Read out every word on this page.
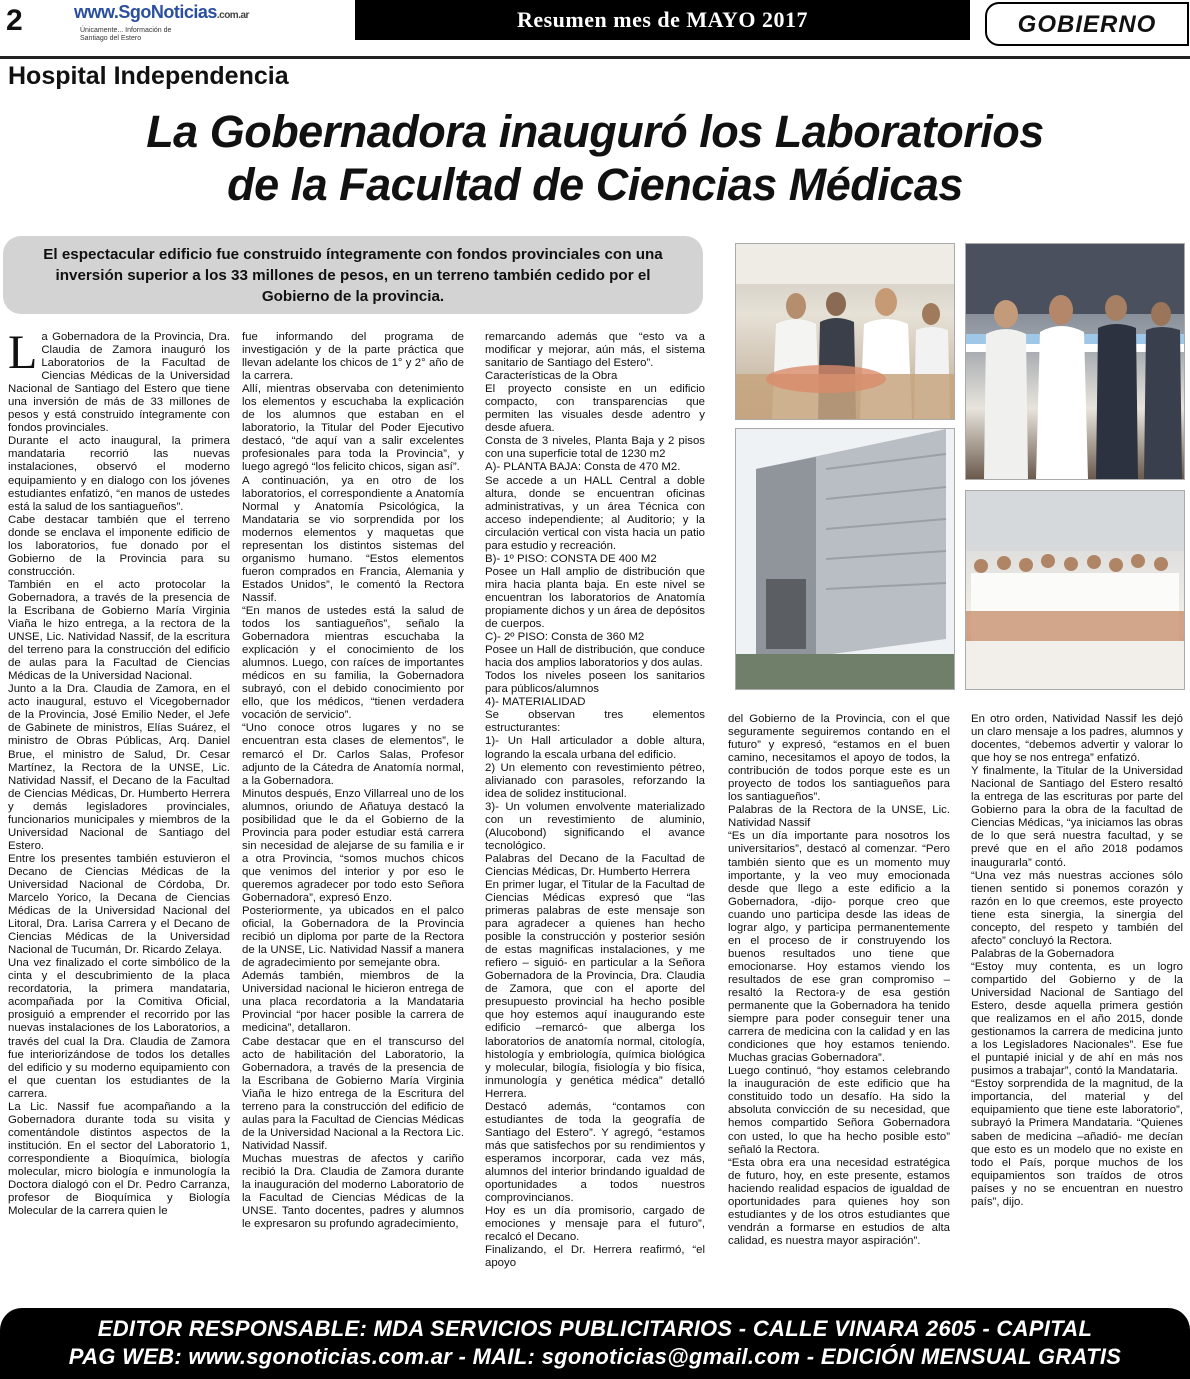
2	www.SgoNoticias.com.ar
Únicamente... Información de Santiago del Estero
Resumen mes de MAYO 2017	GOBIERNO
Hospital Independencia
La Gobernadora inauguró los Laboratorios
de la Facultad de Ciencias Médicas
El espectacular edificio fue construido íntegramente con fondos provinciales con una inversión superior a los 33 millones de pesos, en un terreno también cedido por el Gobierno de la provincia.
L a Gobernadora de la Provincia, Dra. Claudia de Zamora inauguró los Laboratorios de la Facultad de Ciencias Médicas de la Universidad Nacional de Santiago del Estero que tiene una inversión de más de 33 millones de pesos y está construido íntegramente con fondos provinciales.

Durante el acto inaugural, la primera mandataria recorrió las nuevas instalaciones, observó el moderno equipamiento y en dialogo con los jóvenes estudiantes enfatizó, “en manos de ustedes está la salud de los santiagueños”.

Cabe destacar también que el terreno donde se enclava el imponente edificio de los laboratorios, fue donado por el Gobierno de la Provincia para su construcción.

También en el acto protocolar la Gobernadora, a través de la presencia de la Escribana de Gobierno María Virginia Viaña le hizo entrega, a la rectora de la UNSE, Lic. Natividad Nassif, de la escritura del terreno para la construcción del edificio de aulas para la Facultad de Ciencias Médicas de la Universidad Nacional.

Junto a la Dra. Claudia de Zamora, en el acto inaugural, estuvo el Vicegobernador de la Provincia, José Emilio Neder, el Jefe de Gabinete de ministros, Elías Suárez, el ministro de Obras Públicas, Arq. Daniel Brue, el ministro de Salud, Dr. Cesar Martínez, la Rectora de la UNSE, Lic. Natividad Nassif, el Decano de la Facultad de Ciencias Médicas, Dr. Humberto Herrera y demás legisladores provinciales, funcionarios municipales y miembros de la Universidad Nacional de Santiago del Estero.

Entre los presentes también estuvieron el Decano de Ciencias Médicas de la Universidad Nacional de Córdoba, Dr. Marcelo Yorico, la Decana de Ciencias Médicas de la Universidad Nacional del Litoral, Dra. Larisa Carrera y el Decano de Ciencias Médicas de la Universidad Nacional de Tucumán, Dr. Ricardo Zelaya.

Una vez finalizado el corte simbólico de la cinta y el descubrimiento de la placa recordatoria, la primera mandataria, acompañada por la Comitiva Oficial, prosiguió a emprender el recorrido por las nuevas instalaciones de los Laboratorios, a través del cual la Dra. Claudia de Zamora fue interiorizándose de todos los detalles del edificio y su moderno equipamiento con el que cuentan los estudiantes de la carrera.

La Lic. Nassif fue acompañando a la Gobernadora durante toda su visita y comentándole distintos aspectos de la institución. En el sector del Laboratorio 1, correspondiente a Bioquímica, biología molecular, micro biología e inmunología la Doctora dialogó con el Dr. Pedro Carranza, profesor de Bioquímica y Biología Molecular de la carrera quien le

fue informando del programa de investigación y de la parte práctica que llevan adelante los chicos de 1° y 2° año de la carrera.

Allí, mientras observaba con detenimiento los elementos y escuchaba la explicación de los alumnos que estaban en el laboratorio, la Titular del Poder Ejecutivo destacó, “de aquí van a salir excelentes profesionales para toda la Provincia”, y luego agregó “los felicito chicos, sigan así”.

A continuación, ya en otro de los laboratorios, el correspondiente a Anatomía Normal y Anatomía Psicológica, la Mandataria se vio sorprendida por los modernos elementos y maquetas que representan los distintos sistemas del organismo humano. “Estos elementos fueron comprados en Francia, Alemania y Estados Unidos”, le comentó la Rectora Nassif.

“En manos de ustedes está la salud de todos los santiagueños”, señalo la Gobernadora mientras escuchaba la explicación y el conocimiento de los alumnos. Luego, con raíces de importantes médicos en su familia, la Gobernadora subrayó, con el debido conocimiento por ello, que los médicos, “tienen verdadera vocación de servicio”.

“Uno conoce otros lugares y no se encuentran esta clases de elementos”, le remarcó el Dr. Carlos Salas, Profesor adjunto de la Cátedra de Anatomía normal, a la Gobernadora.

Minutos después, Enzo Villarreal uno de los alumnos, oriundo de Añatuya destacó la posibilidad que le da el Gobierno de la Provincia para poder estudiar está carrera sin necesidad de alejarse de su familia e ir a otra Provincia, “somos muchos chicos que venimos del interior y por eso le queremos agradecer por todo esto Señora Gobernadora”, expresó Enzo.

Posteriormente, ya ubicados en el palco oficial, la Gobernadora de la Provincia recibió un diploma por parte de la Rectora de la UNSE, Lic. Natividad Nassif a manera de agradecimiento por semejante obra.

Además también, miembros de la Universidad nacional le hicieron entrega de una placa recordatoria a la Mandataria Provincial “por hacer posible la carrera de medicina”, detallaron.

Cabe destacar que en el transcurso del acto de habilitación del Laboratorio, la Gobernadora, a través de la presencia de la Escribana de Gobierno María Virginia Viaña le hizo entrega de la Escritura del terreno para la construcción del edificio de aulas para la Facultad de Ciencias Médicas de la Universidad Nacional a la Rectora Lic. Natividad Nassif.

Muchas muestras de afectos y cariño recibió la Dra. Claudia de Zamora durante la inauguración del moderno Laboratorio de la Facultad de Ciencias Médicas de la UNSE. Tanto docentes, padres y alumnos le expresaron su profundo agradecimiento,

remarcando además que “esto va a modificar y mejorar, aún más, el sistema sanitario de Santiago del Estero”.

Características de la Obra

El proyecto consiste en un edificio compacto, con transparencias que permiten las visuales desde adentro y desde afuera.

Consta de 3 niveles, Planta Baja y 2 pisos con una superficie total de 1230 m2

A)- PLANTA BAJA: Consta de 470 M2.

Se accede a un HALL Central a doble altura, donde se encuentran oficinas administrativas, y un área Técnica con acceso independiente; al Auditorio; y la circulación vertical con vista hacia un patio para estudio y recreación.

B)- 1º PISO: CONSTA DE 400 M2

Posee un Hall amplio de distribución que mira hacia planta baja. En este nivel se encuentran los laboratorios de Anatomía propiamente dichos y un área de depósitos de cuerpos.

C)- 2º PISO: Consta de 360 M2

Posee un Hall de distribución, que conduce hacia dos amplios laboratorios y dos aulas.

Todos los niveles poseen los sanitarios para públicos/alumnos

4)- MATERIALIDAD

Se observan tres elementos estructurantes:

1)- Un Hall articulador a doble altura, logrando la escala urbana del edificio.

2) Un elemento con revestimiento pétreo, alivianado con parasoles, reforzando la idea de solidez institucional.

3)- Un volumen envolvente materializado con un revestimiento de aluminio, (Alucobond) significando el avance tecnológico.

Palabras del Decano de la Facultad de Ciencias Médicas, Dr. Humberto Herrera

En primer lugar, el Titular de la Facultad de Ciencias Médicas expresó que “las primeras palabras de este mensaje son para agradecer a quienes han hecho posible la construcción y posterior sesión de estas magnificas instalaciones, y me refiero – siguió- en particular a la Señora Gobernadora de la Provincia, Dra. Claudia de Zamora, que con el aporte del presupuesto provincial ha hecho posible que hoy estemos aquí inaugurando este edificio –remarcó- que alberga los laboratorios de anatomía normal, citología, histología y embriología, química biológica y molecular, bilogía, fisiología y bio física, inmunología y genética médica” detalló Herrera.

Destacó además, “contamos con estudiantes de toda la geografía de Santiago del Estero”. Y agregó, “estamos más que satisfechos por su rendimientos y esperamos incorporar, cada vez más, alumnos del interior brindando igualdad de oportunidades a todos nuestros comprovincianos.

Hoy es un día promisorio, cargado de emociones y mensaje para el futuro”, recalcó el Decano.

Finalizando, el Dr. Herrera reafirmó, “el apoyo

del Gobierno de la Provincia, con el que seguramente seguiremos contando en el futuro” y expresó, “estamos en el buen camino, necesitamos el apoyo de todos, la contribución de todos porque este es un proyecto de todos los santiagueños para los santiagueños”.

Palabras de la Rectora de la UNSE, Lic. Natividad Nassif

“Es un día importante para nosotros los universitarios”, destacó al comenzar. “Pero también siento que es un momento muy importante, y la veo muy emocionada desde que llego a este edificio a la Gobernadora, -dijo- porque creo que cuando uno participa desde las ideas de lograr algo, y participa permanentemente en el proceso de ir construyendo los buenos resultados uno tiene que emocionarse. Hoy estamos viendo los resultados de ese gran compromiso –resaltó la Rectora-y de esa gestión permanente que la Gobernadora ha tenido siempre para poder conseguir tener una carrera de medicina con la calidad y en las condiciones que hoy estamos teniendo. Muchas gracias Gobernadora”.

Luego continuó, “hoy estamos celebrando la inauguración de este edificio que ha constituido todo un desafío. Ha sido la absoluta convicción de su necesidad, que hemos compartido Señora Gobernadora con usted, lo que ha hecho posible esto” señaló la Rectora.

“Esta obra era una necesidad estratégica de futuro, hoy, en este presente, estamos haciendo realidad espacios de igualdad de oportunidades para quienes hoy son estudiantes y de los otros estudiantes que vendrán a formarse en estudios de alta calidad, es nuestra mayor aspiración”.

En otro orden, Natividad Nassif les dejó un claro mensaje a los padres, alumnos y docentes, “debemos advertir y valorar lo que hoy se nos entrega” enfatizó.

Y finalmente, la Titular de la Universidad Nacional de Santiago del Estero resaltó la entrega de las escrituras por parte del Gobierno para la obra de la facultad de Ciencias Médicas, “ya iniciamos las obras de lo que será nuestra facultad, y se prevé que en el año 2018 podamos inaugurarla” contó.

“Una vez más nuestras acciones sólo tienen sentido si ponemos corazón y razón en lo que creemos, este proyecto tiene esta sinergia, la sinergia del concepto, del respeto y también del afecto” concluyó la Rectora.

Palabras de la Gobernadora

“Estoy muy contenta, es un logro compartido del Gobierno y de la Universidad Nacional de Santiago del Estero, desde aquella primera gestión que realizamos en el año 2015, donde gestionamos la carrera de medicina junto a los Legisladores Nacionales”. Ese fue el puntapié inicial y de ahí en más nos pusimos a trabajar”, contó la Mandataria.

“Estoy sorprendida de la magnitud, de la importancia, del material y del equipamiento que tiene este laboratorio”, subrayó la Primera Mandataria. “Quienes saben de medicina –añadió- me decían que esto es un modelo que no existe en todo el País, porque muchos de los equipamientos son traídos de otros países y no se encuentran en nuestro país”, dijo.

EDITOR RESPONSABLE: MDA SERVICIOS PUBLICITARIOS - CALLE VINARA 2605 - CAPITAL
PAG WEB: www.sgonoticias.com.ar - MAIL: sgonoticias@gmail.com - EDICIÓN MENSUAL GRATIS
